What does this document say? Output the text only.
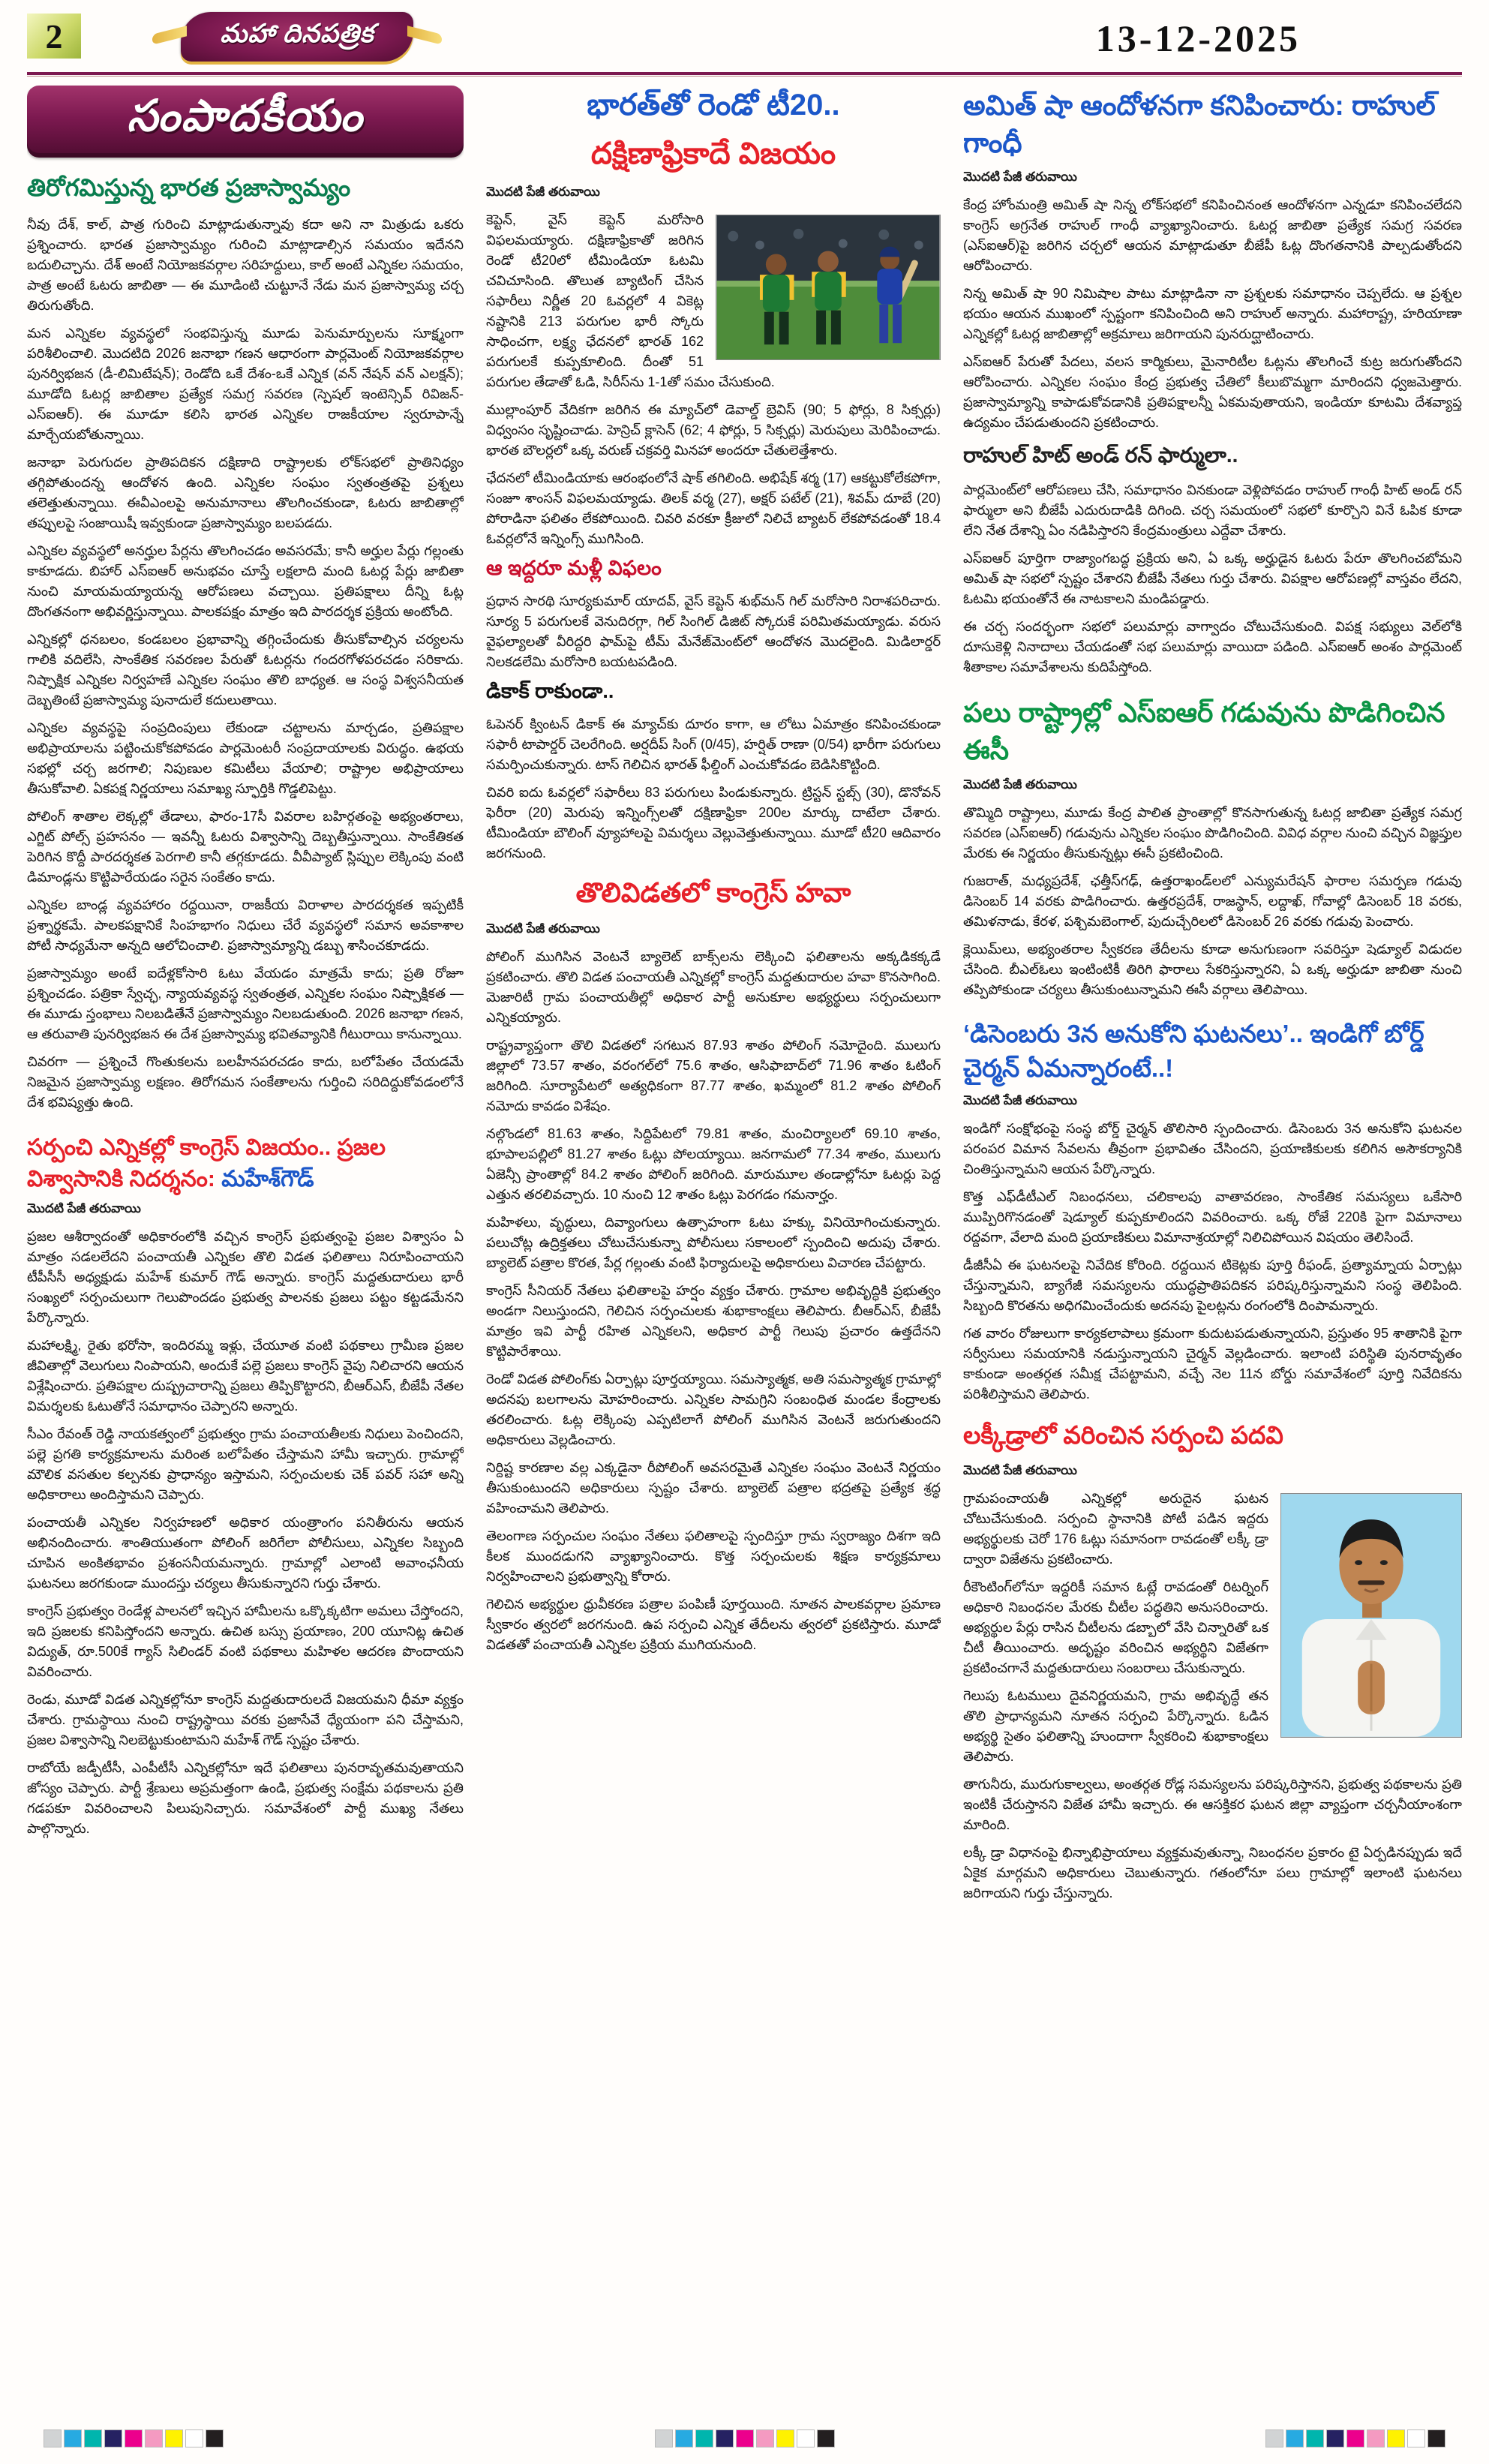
2	మహా దినపత్రిక	13-12-2025
సంపాదకీయం
తిరోగమిస్తున్న భారత ప్రజాస్వామ్యం

నీవు దేశ్, కాల్, పాత్ర గురించి మాట్లాడుతున్నావు కదా అని నా మిత్రుడు ఒకరు ప్రశ్నించారు. భారత ప్రజాస్వామ్యం గురించి మాట్లాడాల్సిన సమయం ఇదేనని బదులిచ్చాను. దేశ్ అంటే నియోజకవర్గాల సరిహద్దులు, కాల్ అంటే ఎన్నికల సమయం, పాత్ర అంటే ఓటరు జాబితా — ఈ మూడింటి చుట్టూనే నేడు మన ప్రజాస్వామ్య చర్చ తిరుగుతోంది.

మన ఎన్నికల వ్యవస్థలో సంభవిస్తున్న మూడు పెనుమార్పులను సూక్ష్మంగా పరిశీలించాలి. మొదటిది 2026 జనాభా గణన ఆధారంగా పార్లమెంట్ నియోజకవర్గాల పునర్విభజన (డీ-లిమిటేషన్); రెండోది ఒకే దేశం-ఒకే ఎన్నిక (వన్ నేషన్ వన్ ఎలక్షన్); మూడోది ఓటర్ల జాబితాల ప్రత్యేక సమగ్ర సవరణ (స్పెషల్ ఇంటెన్సివ్ రివిజన్-ఎస్ఐఆర్). ఈ మూడూ కలిసి భారత ఎన్నికల రాజకీయాల స్వరూపాన్నే మార్చేయబోతున్నాయి.

జనాభా పెరుగుదల ప్రాతిపదికన దక్షిణాది రాష్ట్రాలకు లోక్‌సభలో ప్రాతినిధ్యం తగ్గిపోతుందన్న ఆందోళన ఉంది. ఎన్నికల సంఘం స్వతంత్రతపై ప్రశ్నలు తలెత్తుతున్నాయి. ఈవీఎంలపై అనుమానాలు తొలగించకుండా, ఓటరు జాబితాల్లో తప్పులపై సంజాయిషీ ఇవ్వకుండా ప్రజాస్వామ్యం బలపడదు.

ఎన్నికల వ్యవస్థలో అనర్హుల పేర్లను తొలగించడం అవసరమే; కానీ అర్హుల పేర్లు గల్లంతు కాకూడదు. బిహార్ ఎస్ఐఆర్ అనుభవం చూస్తే లక్షలాది మంది ఓటర్ల పేర్లు జాబితా నుంచి మాయమయ్యాయన్న ఆరోపణలు వచ్చాయి. ప్రతిపక్షాలు దీన్ని ఓట్ల దొంగతనంగా అభివర్ణిస్తున్నాయి. పాలకపక్షం మాత్రం ఇది పారదర్శక ప్రక్రియ అంటోంది.

ఎన్నికల్లో ధనబలం, కండబలం ప్రభావాన్ని తగ్గించేందుకు తీసుకోవాల్సిన చర్యలను గాలికి వదిలేసి, సాంకేతిక సవరణల పేరుతో ఓటర్లను గందరగోళపరచడం సరికాదు. నిష్పాక్షిక ఎన్నికల నిర్వహణే ఎన్నికల సంఘం తొలి బాధ్యత. ఆ సంస్థ విశ్వసనీయత దెబ్బతింటే ప్రజాస్వామ్య పునాదులే కదులుతాయి.

ఎన్నికల వ్యవస్థపై సంప్రదింపులు లేకుండా చట్టాలను మార్చడం, ప్రతిపక్షాల అభిప్రాయాలను పట్టించుకోకపోవడం పార్లమెంటరీ సంప్రదాయాలకు విరుద్ధం. ఉభయ సభల్లో చర్చ జరగాలి; నిపుణుల కమిటీలు వేయాలి; రాష్ట్రాల అభిప్రాయాలు తీసుకోవాలి. ఏకపక్ష నిర్ణయాలు సమాఖ్య స్ఫూర్తికి గొడ్డలిపెట్టు.

పోలింగ్ శాతాల లెక్కల్లో తేడాలు, ఫారం-17సీ వివరాల బహిర్గతంపై అభ్యంతరాలు, ఎగ్జిట్ పోల్స్ ప్రహసనం — ఇవన్నీ ఓటరు విశ్వాసాన్ని దెబ్బతీస్తున్నాయి. సాంకేతికత పెరిగిన కొద్దీ పారదర్శకత పెరగాలి కానీ తగ్గకూడదు. వీవీప్యాట్ స్లిప్పుల లెక్కింపు వంటి డిమాండ్లను కొట్టిపారేయడం సరైన సంకేతం కాదు.

ఎన్నికల బాండ్ల వ్యవహారం రద్దయినా, రాజకీయ విరాళాల పారదర్శకత ఇప్పటికీ ప్రశ్నార్థకమే. పాలకపక్షానికే సింహభాగం నిధులు చేరే వ్యవస్థలో సమాన అవకాశాల పోటీ సాధ్యమేనా అన్నది ఆలోచించాలి. ప్రజాస్వామ్యాన్ని డబ్బు శాసించకూడదు.

ప్రజాస్వామ్యం అంటే ఐదేళ్లకోసారి ఓటు వేయడం మాత్రమే కాదు; ప్రతి రోజూ ప్రశ్నించడం. పత్రికా స్వేచ్ఛ, న్యాయవ్యవస్థ స్వతంత్రత, ఎన్నికల సంఘం నిష్పాక్షికత — ఈ మూడు స్తంభాలు నిలబడితేనే ప్రజాస్వామ్యం నిలబడుతుంది. 2026 జనాభా గణన, ఆ తరువాతి పునర్విభజన ఈ దేశ ప్రజాస్వామ్య భవితవ్యానికి గీటురాయి కానున్నాయి.

చివరగా — ప్రశ్నించే గొంతుకలను బలహీనపరచడం కాదు, బలోపేతం చేయడమే నిజమైన ప్రజాస్వామ్య లక్షణం. తిరోగమన సంకేతాలను గుర్తించి సరిదిద్దుకోవడంలోనే దేశ భవిష్యత్తు ఉంది.

సర్పంచి ఎన్నికల్లో కాంగ్రెస్ విజయం.. ప్రజల విశ్వాసానికి నిదర్శనం: మహేశ్‌గౌడ్
మొదటి పేజీ తరువాయి

ప్రజల ఆశీర్వాదంతో అధికారంలోకి వచ్చిన కాంగ్రెస్ ప్రభుత్వంపై ప్రజల విశ్వాసం ఏ మాత్రం సడలలేదని పంచాయతీ ఎన్నికల తొలి విడత ఫలితాలు నిరూపించాయని టీపీసీసీ అధ్యక్షుడు మహేశ్ కుమార్ గౌడ్ అన్నారు. కాంగ్రెస్ మద్దతుదారులు భారీ సంఖ్యలో సర్పంచులుగా గెలుపొందడం ప్రభుత్వ పాలనకు ప్రజలు పట్టం కట్టడమేనని పేర్కొన్నారు.

మహాలక్ష్మి, రైతు భరోసా, ఇందిరమ్మ ఇళ్లు, చేయూత వంటి పథకాలు గ్రామీణ ప్రజల జీవితాల్లో వెలుగులు నింపాయని, అందుకే పల్లె ప్రజలు కాంగ్రెస్ వైపు నిలిచారని ఆయన విశ్లేషించారు. ప్రతిపక్షాల దుష్ప్రచారాన్ని ప్రజలు తిప్పికొట్టారని, బీఆర్ఎస్, బీజేపీ నేతల విమర్శలకు ఓటుతోనే సమాధానం చెప్పారని అన్నారు.

సీఎం రేవంత్ రెడ్డి నాయకత్వంలో ప్రభుత్వం గ్రామ పంచాయతీలకు నిధులు పెంచిందని, పల్లె ప్రగతి కార్యక్రమాలను మరింత బలోపేతం చేస్తామని హామీ ఇచ్చారు. గ్రామాల్లో మౌలిక వసతుల కల్పనకు ప్రాధాన్యం ఇస్తామని, సర్పంచులకు చెక్ పవర్ సహా అన్ని అధికారాలు అందిస్తామని చెప్పారు.

పంచాయతీ ఎన్నికల నిర్వహణలో అధికార యంత్రాంగం పనితీరును ఆయన అభినందించారు. శాంతియుతంగా పోలింగ్ జరిగేలా పోలీసులు, ఎన్నికల సిబ్బంది చూపిన అంకితభావం ప్రశంసనీయమన్నారు. గ్రామాల్లో ఎలాంటి అవాంఛనీయ ఘటనలు జరగకుండా ముందస్తు చర్యలు తీసుకున్నారని గుర్తు చేశారు.

కాంగ్రెస్ ప్రభుత్వం రెండేళ్ల పాలనలో ఇచ్చిన హామీలను ఒక్కొక్కటిగా అమలు చేస్తోందని, ఇది ప్రజలకు కనిపిస్తోందని అన్నారు. ఉచిత బస్సు ప్రయాణం, 200 యూనిట్ల ఉచిత విద్యుత్, రూ.500కే గ్యాస్ సిలిండర్ వంటి పథకాలు మహిళల ఆదరణ పొందాయని వివరించారు.

రెండు, మూడో విడత ఎన్నికల్లోనూ కాంగ్రెస్ మద్దతుదారులదే విజయమని ధీమా వ్యక్తం చేశారు. గ్రామస్థాయి నుంచి రాష్ట్రస్థాయి వరకు ప్రజాసేవే ధ్యేయంగా పని చేస్తామని, ప్రజల విశ్వాసాన్ని నిలబెట్టుకుంటామని మహేశ్ గౌడ్ స్పష్టం చేశారు.

రాబోయే జడ్పీటీసీ, ఎంపీటీసీ ఎన్నికల్లోనూ ఇదే ఫలితాలు పునరావృతమవుతాయని జోస్యం చెప్పారు. పార్టీ శ్రేణులు అప్రమత్తంగా ఉండి, ప్రభుత్వ సంక్షేమ పథకాలను ప్రతి గడపకూ వివరించాలని పిలుపునిచ్చారు. సమావేశంలో పార్టీ ముఖ్య నేతలు పాల్గొన్నారు.

భారత్‌తో రెండో టీ20..
దక్షిణాఫ్రికాదే విజయం
మొదటి పేజీ తరువాయి

కెప్టెన్, వైస్ కెప్టెన్ మరోసారి విఫలమయ్యారు. దక్షిణాఫ్రికాతో జరిగిన రెండో టీ20లో టీమిండియా ఓటమి చవిచూసింది. తొలుత బ్యాటింగ్ చేసిన సఫారీలు నిర్ణీత 20 ఓవర్లలో 4 వికెట్ల నష్టానికి 213 పరుగుల భారీ స్కోరు సాధించగా, లక్ష్య ఛేదనలో భారత్ 162 పరుగులకే కుప్పకూలింది. దీంతో 51 పరుగుల తేడాతో ఓడి, సిరీస్‌ను 1-1తో సమం చేసుకుంది.

ముల్లాంపూర్ వేదికగా జరిగిన ఈ మ్యాచ్‌లో డెవాల్డ్ బ్రెవిస్ (90; 5 ఫోర్లు, 8 సిక్సర్లు) విధ్వంసం సృష్టించాడు. హెన్రిచ్ క్లాసెన్ (62; 4 ఫోర్లు, 5 సిక్సర్లు) మెరుపులు మెరిపించాడు. భారత బౌలర్లలో ఒక్క వరుణ్ చక్రవర్తి మినహా అందరూ చేతులెత్తేశారు.

ఛేదనలో టీమిండియాకు ఆరంభంలోనే షాక్ తగిలింది. అభిషేక్ శర్మ (17) ఆకట్టుకోలేకపోగా, సంజూ శాంసన్ విఫలమయ్యాడు. తిలక్ వర్మ (27), అక్షర్ పటేల్ (21), శివమ్ దూబే (20) పోరాడినా ఫలితం లేకపోయింది. చివరి వరకూ క్రీజులో నిలిచే బ్యాటర్ లేకపోవడంతో 18.4 ఓవర్లలోనే ఇన్నింగ్స్ ముగిసింది.

ఆ ఇద్దరూ మళ్లీ విఫలం

ప్రధాన సారథి సూర్యకుమార్ యాదవ్, వైస్ కెప్టెన్ శుభ్‌మన్ గిల్ మరోసారి నిరాశపరిచారు. సూర్య 5 పరుగులకే వెనుదిరగ్గా, గిల్ సింగిల్ డిజిట్ స్కోరుకే పరిమితమయ్యాడు. వరుస వైఫల్యాలతో వీరిద్దరి ఫామ్‌పై టీమ్ మేనేజ్‌మెంట్‌లో ఆందోళన మొదలైంది. మిడిలార్డర్ నిలకడలేమి మరోసారి బయటపడింది.

డికాక్ రాకుండా..

ఓపెనర్ క్వింటన్ డికాక్ ఈ మ్యాచ్‌కు దూరం కాగా, ఆ లోటు ఏమాత్రం కనిపించకుండా సఫారీ టాపార్డర్ చెలరేగింది. అర్షదీప్ సింగ్ (0/45), హర్షిత్ రాణా (0/54) భారీగా పరుగులు సమర్పించుకున్నారు. టాస్ గెలిచిన భారత్ ఫీల్డింగ్ ఎంచుకోవడం బెడిసికొట్టింది.

చివరి ఐదు ఓవర్లలో సఫారీలు 83 పరుగులు పిండుకున్నారు. ట్రిస్టన్ స్టబ్స్ (30), డొనోవన్ ఫెరీరా (20) మెరుపు ఇన్నింగ్స్‌లతో దక్షిణాఫ్రికా 200ల మార్కు దాటేలా చేశారు. టీమిండియా బౌలింగ్ వ్యూహాలపై విమర్శలు వెల్లువెత్తుతున్నాయి. మూడో టీ20 ఆదివారం జరగనుంది.

తొలివిడతలో కాంగ్రెస్ హవా
మొదటి పేజీ తరువాయి

పోలింగ్ ముగిసిన వెంటనే బ్యాలెట్ బాక్స్‌లను లెక్కించి ఫలితాలను అక్కడికక్కడే ప్రకటించారు. తొలి విడత పంచాయతీ ఎన్నికల్లో కాంగ్రెస్ మద్దతుదారుల హవా కొనసాగింది. మెజారిటీ గ్రామ పంచాయతీల్లో అధికార పార్టీ అనుకూల అభ్యర్థులు సర్పంచులుగా ఎన్నికయ్యారు.

రాష్ట్రవ్యాప్తంగా తొలి విడతలో సగటున 87.93 శాతం పోలింగ్ నమోదైంది. ములుగు జిల్లాలో 73.57 శాతం, వరంగల్‌లో 75.6 శాతం, ఆసిఫాబాద్‌లో 71.96 శాతం ఓటింగ్ జరిగింది. సూర్యాపేటలో అత్యధికంగా 87.77 శాతం, ఖమ్మంలో 81.2 శాతం పోలింగ్ నమోదు కావడం విశేషం.

నల్గొండలో 81.63 శాతం, సిద్దిపేటలో 79.81 శాతం, మంచిర్యాలలో 69.10 శాతం, భూపాలపల్లిలో 81.27 శాతం ఓట్లు పోలయ్యాయి. జనగామలో 77.34 శాతం, ములుగు ఏజెన్సీ ప్రాంతాల్లో 84.2 శాతం పోలింగ్ జరిగింది. మారుమూల తండాల్లోనూ ఓటర్లు పెద్ద ఎత్తున తరలివచ్చారు. 10 నుంచి 12 శాతం ఓట్లు పెరగడం గమనార్హం.

మహిళలు, వృద్ధులు, దివ్యాంగులు ఉత్సాహంగా ఓటు హక్కు వినియోగించుకున్నారు. పలుచోట్ల ఉద్రిక్తతలు చోటుచేసుకున్నా పోలీసులు సకాలంలో స్పందించి అదుపు చేశారు. బ్యాలెట్ పత్రాల కొరత, పేర్ల గల్లంతు వంటి ఫిర్యాదులపై అధికారులు విచారణ చేపట్టారు.

కాంగ్రెస్ సీనియర్ నేతలు ఫలితాలపై హర్షం వ్యక్తం చేశారు. గ్రామాల అభివృద్ధికి ప్రభుత్వం అండగా నిలుస్తుందని, గెలిచిన సర్పంచులకు శుభాకాంక్షలు తెలిపారు. బీఆర్ఎస్, బీజేపీ మాత్రం ఇవి పార్టీ రహిత ఎన్నికలని, అధికార పార్టీ గెలుపు ప్రచారం ఉత్తదేనని కొట్టిపారేశాయి.

రెండో విడత పోలింగ్‌కు ఏర్పాట్లు పూర్తయ్యాయి. సమస్యాత్మక, అతి సమస్యాత్మక గ్రామాల్లో అదనపు బలగాలను మోహరించారు. ఎన్నికల సామగ్రిని సంబంధిత మండల కేంద్రాలకు తరలించారు. ఓట్ల లెక్కింపు ఎప్పటిలాగే పోలింగ్ ముగిసిన వెంటనే జరుగుతుందని అధికారులు వెల్లడించారు.

నిర్దిష్ట కారణాల వల్ల ఎక్కడైనా రీపోలింగ్ అవసరమైతే ఎన్నికల సంఘం వెంటనే నిర్ణయం తీసుకుంటుందని అధికారులు స్పష్టం చేశారు. బ్యాలెట్ పత్రాల భద్రతపై ప్రత్యేక శ్రద్ధ వహించామని తెలిపారు.

తెలంగాణ సర్పంచుల సంఘం నేతలు ఫలితాలపై స్పందిస్తూ గ్రామ స్వరాజ్యం దిశగా ఇది కీలక ముందడుగని వ్యాఖ్యానించారు. కొత్త సర్పంచులకు శిక్షణ కార్యక్రమాలు నిర్వహించాలని ప్రభుత్వాన్ని కోరారు.

గెలిచిన అభ్యర్థుల ధ్రువీకరణ పత్రాల పంపిణీ పూర్తయింది. నూతన పాలకవర్గాల ప్రమాణ స్వీకారం త్వరలో జరగనుంది. ఉప సర్పంచి ఎన్నిక తేదీలను త్వరలో ప్రకటిస్తారు. మూడో విడతతో పంచాయతీ ఎన్నికల ప్రక్రియ ముగియనుంది.

అమిత్ షా ఆందోళనగా కనిపించారు: రాహుల్ గాంధీ
మొదటి పేజీ తరువాయి

కేంద్ర హోంమంత్రి అమిత్ షా నిన్న లోక్‌సభలో కనిపించినంత ఆందోళనగా ఎన్నడూ కనిపించలేదని కాంగ్రెస్ అగ్రనేత రాహుల్ గాంధీ వ్యాఖ్యానించారు. ఓటర్ల జాబితా ప్రత్యేక సమగ్ర సవరణ (ఎస్ఐఆర్)పై జరిగిన చర్చలో ఆయన మాట్లాడుతూ బీజేపీ ఓట్ల దొంగతనానికి పాల్పడుతోందని ఆరోపించారు.

నిన్న అమిత్ షా 90 నిమిషాల పాటు మాట్లాడినా నా ప్రశ్నలకు సమాధానం చెప్పలేదు. ఆ ప్రశ్నల భయం ఆయన ముఖంలో స్పష్టంగా కనిపించింది అని రాహుల్ అన్నారు. మహారాష్ట్ర, హరియాణా ఎన్నికల్లో ఓటర్ల జాబితాల్లో అక్రమాలు జరిగాయని పునరుద్ఘాటించారు.

ఎస్ఐఆర్ పేరుతో పేదలు, వలస కార్మికులు, మైనారిటీల ఓట్లను తొలగించే కుట్ర జరుగుతోందని ఆరోపించారు. ఎన్నికల సంఘం కేంద్ర ప్రభుత్వ చేతిలో కీలుబొమ్మగా మారిందని ధ్వజమెత్తారు. ప్రజాస్వామ్యాన్ని కాపాడుకోవడానికి ప్రతిపక్షాలన్నీ ఏకమవుతాయని, ఇండియా కూటమి దేశవ్యాప్త ఉద్యమం చేపడుతుందని ప్రకటించారు.

రాహుల్ హిట్ అండ్ రన్ ఫార్ములా..

పార్లమెంట్‌లో ఆరోపణలు చేసి, సమాధానం వినకుండా వెళ్లిపోవడం రాహుల్ గాంధీ హిట్ అండ్ రన్ ఫార్ములా అని బీజేపీ ఎదురుదాడికి దిగింది. చర్చ సమయంలో సభలో కూర్చొని వినే ఓపిక కూడా లేని నేత దేశాన్ని ఏం నడిపిస్తారని కేంద్రమంత్రులు ఎద్దేవా చేశారు.

ఎస్ఐఆర్ పూర్తిగా రాజ్యాంగబద్ధ ప్రక్రియ అని, ఏ ఒక్క అర్హుడైన ఓటరు పేరూ తొలగించబోమని అమిత్ షా సభలో స్పష్టం చేశారని బీజేపీ నేతలు గుర్తు చేశారు. విపక్షాల ఆరోపణల్లో వాస్తవం లేదని, ఓటమి భయంతోనే ఈ నాటకాలని మండిపడ్డారు.

ఈ చర్చ సందర్భంగా సభలో పలుమార్లు వాగ్వాదం చోటుచేసుకుంది. విపక్ష సభ్యులు వెల్‌లోకి దూసుకెళ్లి నినాదాలు చేయడంతో సభ పలుమార్లు వాయిదా పడింది. ఎస్ఐఆర్ అంశం పార్లమెంట్ శీతాకాల సమావేశాలను కుదిపేస్తోంది.

పలు రాష్ట్రాల్లో ఎస్‌ఐఆర్ గడువును పొడిగించిన ఈసీ
మొదటి పేజీ తరువాయి

తొమ్మిది రాష్ట్రాలు, మూడు కేంద్ర పాలిత ప్రాంతాల్లో కొనసాగుతున్న ఓటర్ల జాబితా ప్రత్యేక సమగ్ర సవరణ (ఎస్ఐఆర్) గడువును ఎన్నికల సంఘం పొడిగించింది. వివిధ వర్గాల నుంచి వచ్చిన విజ్ఞప్తుల మేరకు ఈ నిర్ణయం తీసుకున్నట్లు ఈసీ ప్రకటించింది.

గుజరాత్, మధ్యప్రదేశ్, ఛత్తీస్‌గఢ్, ఉత్తరాఖండ్‌లలో ఎన్యుమరేషన్ ఫారాల సమర్పణ గడువు డిసెంబర్ 14 వరకు పొడిగించారు. ఉత్తరప్రదేశ్, రాజస్థాన్, లద్దాఖ్, గోవాల్లో డిసెంబర్ 18 వరకు, తమిళనాడు, కేరళ, పశ్చిమబెంగాల్, పుదుచ్చేరిలలో డిసెంబర్ 26 వరకు గడువు పెంచారు.

క్లెయిమ్‌లు, అభ్యంతరాల స్వీకరణ తేదీలను కూడా అనుగుణంగా సవరిస్తూ షెడ్యూల్ విడుదల చేసింది. బీఎల్ఓలు ఇంటింటికీ తిరిగి ఫారాలు సేకరిస్తున్నారని, ఏ ఒక్క అర్హుడూ జాబితా నుంచి తప్పిపోకుండా చర్యలు తీసుకుంటున్నామని ఈసీ వర్గాలు తెలిపాయి.

‘డిసెంబరు 3న అనుకోని ఘటనలు’.. ఇండిగో బోర్డ్ చైర్మన్ ఏమన్నారంటే..!
మొదటి పేజీ తరువాయి

ఇండిగో సంక్షోభంపై సంస్థ బోర్డ్ చైర్మన్ తొలిసారి స్పందించారు. డిసెంబరు 3న అనుకోని ఘటనల పరంపర విమాన సేవలను తీవ్రంగా ప్రభావితం చేసిందని, ప్రయాణికులకు కలిగిన అసౌకర్యానికి చింతిస్తున్నామని ఆయన పేర్కొన్నారు.

కొత్త ఎఫ్‌డీటీఎల్ నిబంధనలు, చలికాలపు వాతావరణం, సాంకేతిక సమస్యలు ఒకేసారి ముప్పిరిగొనడంతో షెడ్యూల్ కుప్పకూలిందని వివరించారు. ఒక్క రోజే 220కి పైగా విమానాలు రద్దవగా, వేలాది మంది ప్రయాణికులు విమానాశ్రయాల్లో నిలిచిపోయిన విషయం తెలిసిందే.

డీజీసీఏ ఈ ఘటనలపై నివేదిక కోరింది. రద్దయిన టికెట్లకు పూర్తి రీఫండ్, ప్రత్యామ్నాయ ఏర్పాట్లు చేస్తున్నామని, బ్యాగేజీ సమస్యలను యుద్ధప్రాతిపదికన పరిష్కరిస్తున్నామని సంస్థ తెలిపింది. సిబ్బంది కొరతను అధిగమించేందుకు అదనపు పైలట్లను రంగంలోకి దింపామన్నారు.

గత వారం రోజులుగా కార్యకలాపాలు క్రమంగా కుదుటపడుతున్నాయని, ప్రస్తుతం 95 శాతానికి పైగా సర్వీసులు సమయానికి నడుస్తున్నాయని చైర్మన్ వెల్లడించారు. ఇలాంటి పరిస్థితి పునరావృతం కాకుండా అంతర్గత సమీక్ష చేపట్టామని, వచ్చే నెల 11న బోర్డు సమావేశంలో పూర్తి నివేదికను పరిశీలిస్తామని తెలిపారు.

లక్కీడ్రాలో వరించిన సర్పంచి పదవి
మొదటి పేజీ తరువాయి

గ్రామపంచాయతీ ఎన్నికల్లో అరుదైన ఘటన చోటుచేసుకుంది. సర్పంచి స్థానానికి పోటీ పడిన ఇద్దరు అభ్యర్థులకు చెరో 176 ఓట్లు సమానంగా రావడంతో లక్కీ డ్రా ద్వారా విజేతను ప్రకటించారు.

రీకౌంటింగ్‌లోనూ ఇద్దరికీ సమాన ఓట్లే రావడంతో రిటర్నింగ్ అధికారి నిబంధనల మేరకు చీటీల పద్ధతిని అనుసరించారు. అభ్యర్థుల పేర్లు రాసిన చీటీలను డబ్బాలో వేసి చిన్నారితో ఒక చీటీ తీయించారు. అదృష్టం వరించిన అభ్యర్థిని విజేతగా ప్రకటించగానే మద్దతుదారులు సంబరాలు చేసుకున్నారు.

గెలుపు ఓటములు దైవనిర్ణయమని, గ్రామ అభివృద్ధే తన తొలి ప్రాధాన్యమని నూతన సర్పంచి పేర్కొన్నారు. ఓడిన అభ్యర్థి సైతం ఫలితాన్ని హుందాగా స్వీకరించి శుభాకాంక్షలు తెలిపారు.

తాగునీరు, మురుగుకాల్వలు, అంతర్గత రోడ్ల సమస్యలను పరిష్కరిస్తానని, ప్రభుత్వ పథకాలను ప్రతి ఇంటికీ చేరుస్తానని విజేత హామీ ఇచ్చారు. ఈ ఆసక్తికర ఘటన జిల్లా వ్యాప్తంగా చర్చనీయాంశంగా మారింది.

లక్కీ డ్రా విధానంపై భిన్నాభిప్రాయాలు వ్యక్తమవుతున్నా, నిబంధనల ప్రకారం టై ఏర్పడినప్పుడు ఇదే ఏకైక మార్గమని అధికారులు చెబుతున్నారు. గతంలోనూ పలు గ్రామాల్లో ఇలాంటి ఘటనలు జరిగాయని గుర్తు చేస్తున్నారు.
